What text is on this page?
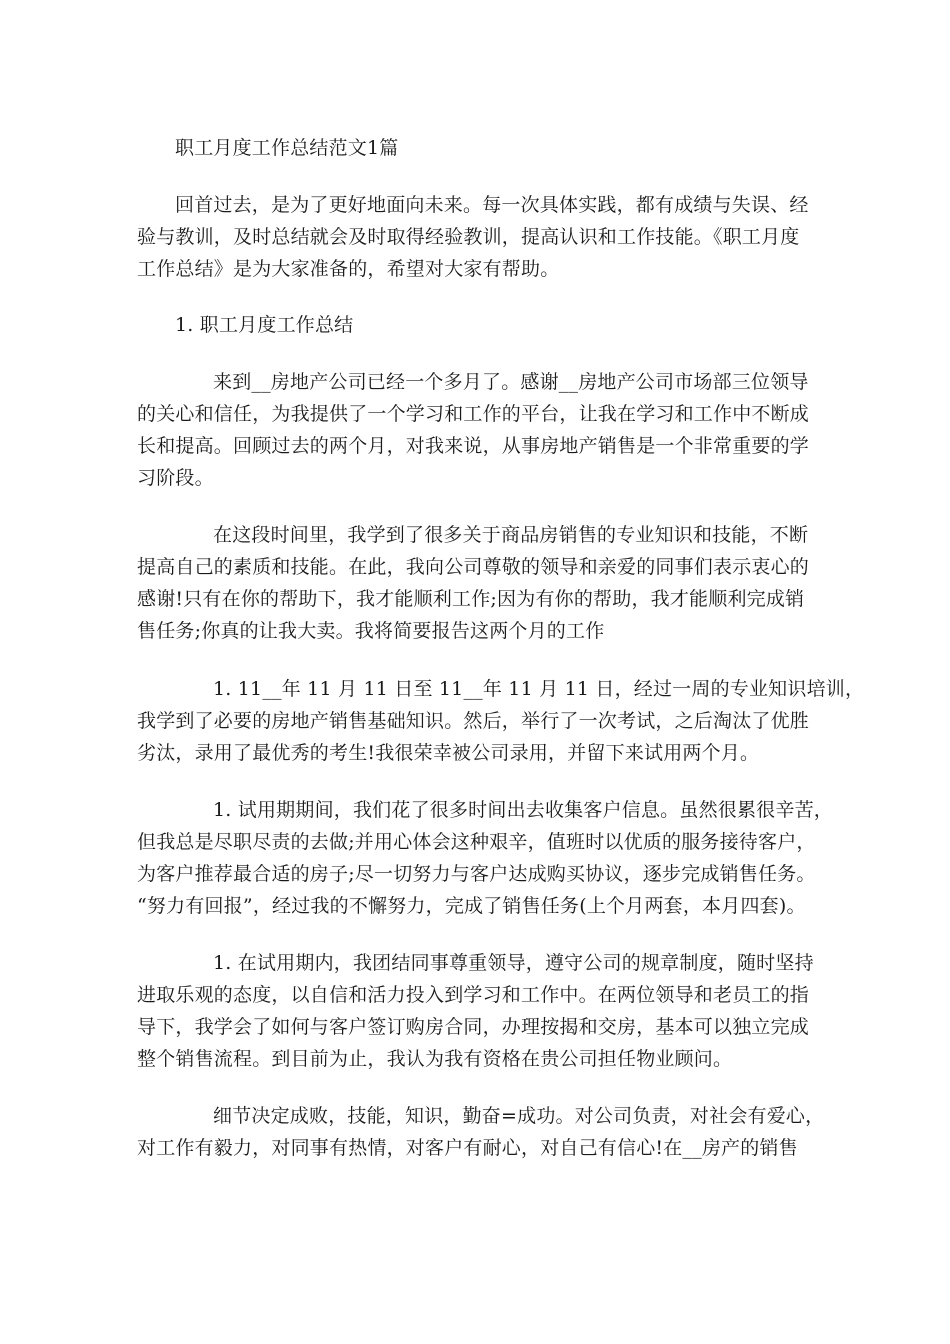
职工月度工作总结范文1篇
回首过去，是为了更好地面向未来。每一次具体实践，都有成绩与失误、经
验与教训，及时总结就会及时取得经验教训，提高认识和工作技能。《职工月度
工作总结》是为大家准备的，希望对大家有帮助。
1. 职工月度工作总结
来到__房地产公司已经一个多月了。感谢__房地产公司市场部三位领导
的关心和信任，为我提供了一个学习和工作的平台，让我在学习和工作中不断成
长和提高。回顾过去的两个月，对我来说，从事房地产销售是一个非常重要的学
习阶段。
在这段时间里，我学到了很多关于商品房销售的专业知识和技能，不断
提高自己的素质和技能。在此，我向公司尊敬的领导和亲爱的同事们表示衷心的
感谢!只有在你的帮助下，我才能顺利工作;因为有你的帮助，我才能顺利完成销
售任务;你真的让我大卖。我将简要报告这两个月的工作
1. 11__年 11 月 11 日至 11__年 11 月 11 日，经过一周的专业知识培训，
我学到了必要的房地产销售基础知识。然后，举行了一次考试，之后淘汰了优胜
劣汰，录用了最优秀的考生!我很荣幸被公司录用，并留下来试用两个月。
1. 试用期期间，我们花了很多时间出去收集客户信息。虽然很累很辛苦，
但我总是尽职尽责的去做;并用心体会这种艰辛，值班时以优质的服务接待客户，
为客户推荐最合适的房子;尽一切努力与客户达成购买协议，逐步完成销售任务。
“努力有回报”，经过我的不懈努力，完成了销售任务(上个月两套，本月四套)。
1. 在试用期内，我团结同事尊重领导，遵守公司的规章制度，随时坚持
进取乐观的态度，以自信和活力投入到学习和工作中。在两位领导和老员工的指
导下，我学会了如何与客户签订购房合同，办理按揭和交房，基本可以独立完成
整个销售流程。到目前为止，我认为我有资格在贵公司担任物业顾问。
细节决定成败，技能，知识，勤奋=成功。对公司负责，对社会有爱心，
对工作有毅力，对同事有热情，对客户有耐心，对自己有信心!在__房产的销售
